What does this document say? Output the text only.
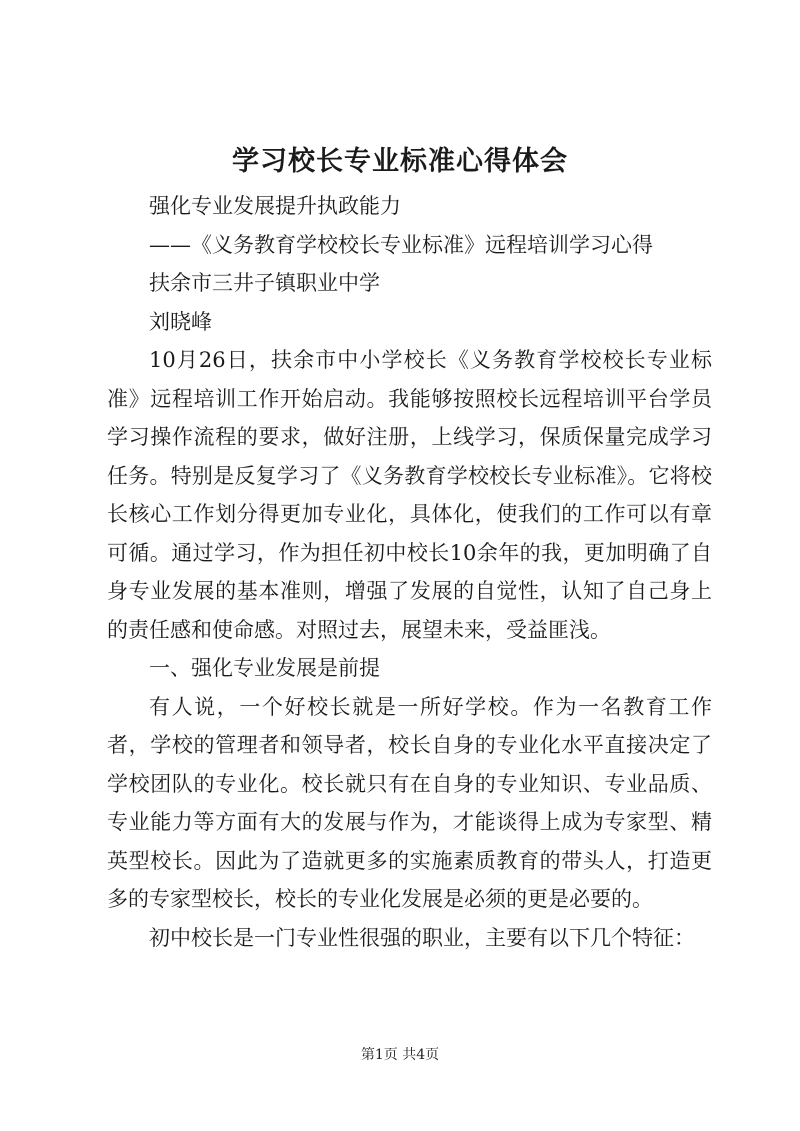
学习校长专业标准心得体会

强化专业发展提升执政能力

——《义务教育学校校长专业标准》远程培训学习心得

扶余市三井子镇职业中学

刘晓峰

10月26日，扶余市中小学校长《义务教育学校校长专业标准》远程培训工作开始启动。我能够按照校长远程培训平台学员学习操作流程的要求，做好注册，上线学习，保质保量完成学习任务。特别是反复学习了《义务教育学校校长专业标准》。它将校长核心工作划分得更加专业化，具体化，使我们的工作可以有章可循。通过学习，作为担任初中校长10余年的我，更加明确了自身专业发展的基本准则，增强了发展的自觉性，认知了自己身上的责任感和使命感。对照过去，展望未来，受益匪浅。

一、强化专业发展是前提

有人说，一个好校长就是一所好学校。作为一名教育工作者，学校的管理者和领导者，校长自身的专业化水平直接决定了学校团队的专业化。校长就只有在自身的专业知识、专业品质、专业能力等方面有大的发展与作为，才能谈得上成为专家型、精英型校长。因此为了造就更多的实施素质教育的带头人，打造更多的专家型校长，校长的专业化发展是必须的更是必要的。

初中校长是一门专业性很强的职业，主要有以下几个特征：

第1页 共4页
